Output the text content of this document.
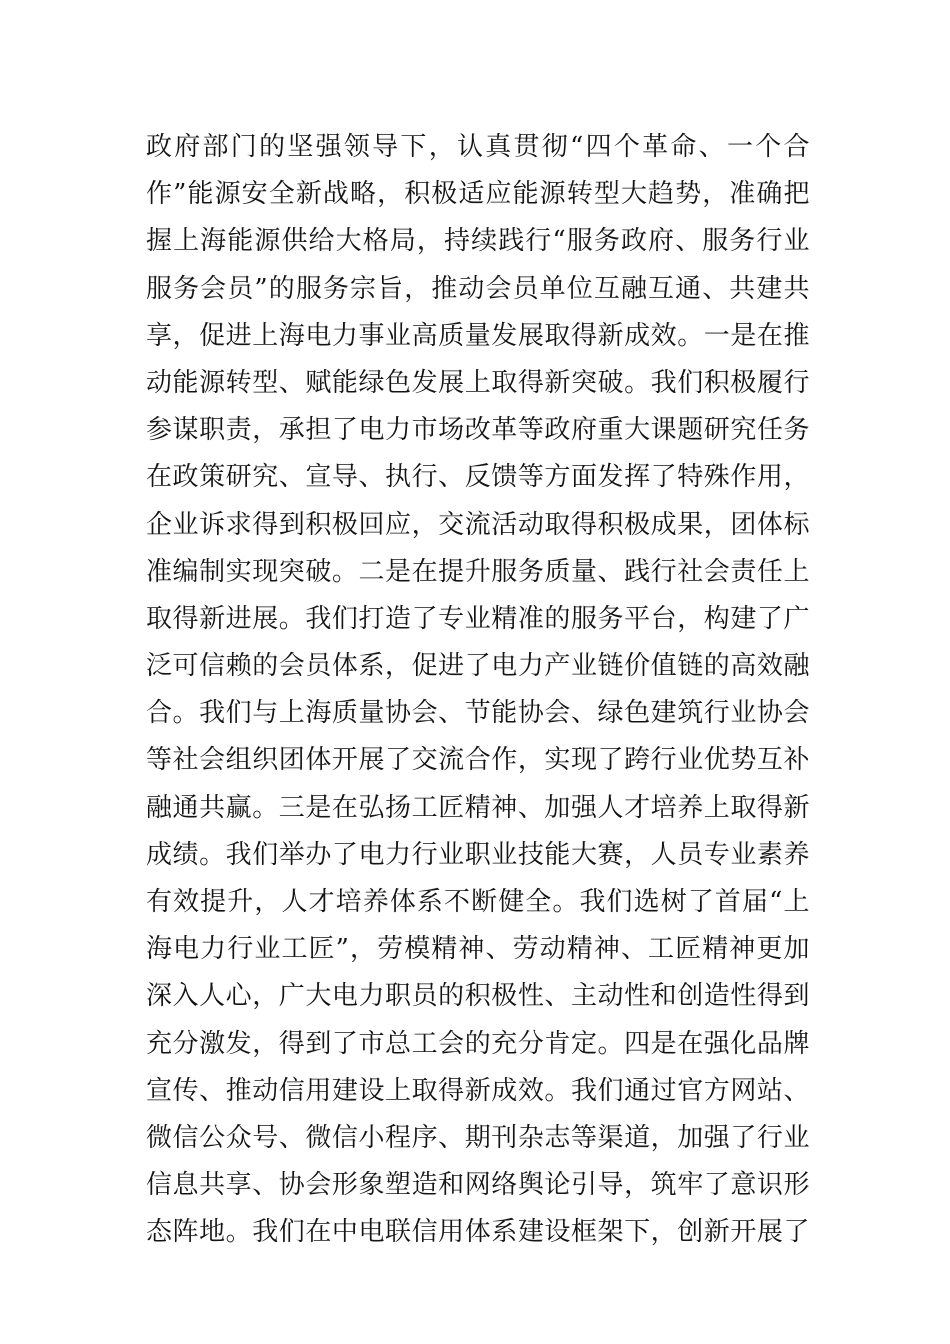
政府部门的坚强领导下，认真贯彻“四个革命、一个合
作”能源安全新战略，积极适应能源转型大趋势，准确把
握上海能源供给大格局，持续践行“服务政府、服务行业
服务会员”的服务宗旨，推动会员单位互融互通、共建共
享，促进上海电力事业高质量发展取得新成效。一是在推
动能源转型、赋能绿色发展上取得新突破。我们积极履行
参谋职责，承担了电力市场改革等政府重大课题研究任务
在政策研究、宣导、执行、反馈等方面发挥了特殊作用，
企业诉求得到积极回应，交流活动取得积极成果，团体标
准编制实现突破。二是在提升服务质量、践行社会责任上
取得新进展。我们打造了专业精准的服务平台，构建了广
泛可信赖的会员体系，促进了电力产业链价值链的高效融
合。我们与上海质量协会、节能协会、绿色建筑行业协会
等社会组织团体开展了交流合作，实现了跨行业优势互补
融通共赢。三是在弘扬工匠精神、加强人才培养上取得新
成绩。我们举办了电力行业职业技能大赛，人员专业素养
有效提升，人才培养体系不断健全。我们选树了首届“上
海电力行业工匠”，劳模精神、劳动精神、工匠精神更加
深入人心，广大电力职员的积极性、主动性和创造性得到
充分激发，得到了市总工会的充分肯定。四是在强化品牌
宣传、推动信用建设上取得新成效。我们通过官方网站、
微信公众号、微信小程序、期刊杂志等渠道，加强了行业
信息共享、协会形象塑造和网络舆论引导，筑牢了意识形
态阵地。我们在中电联信用体系建设框架下，创新开展了
